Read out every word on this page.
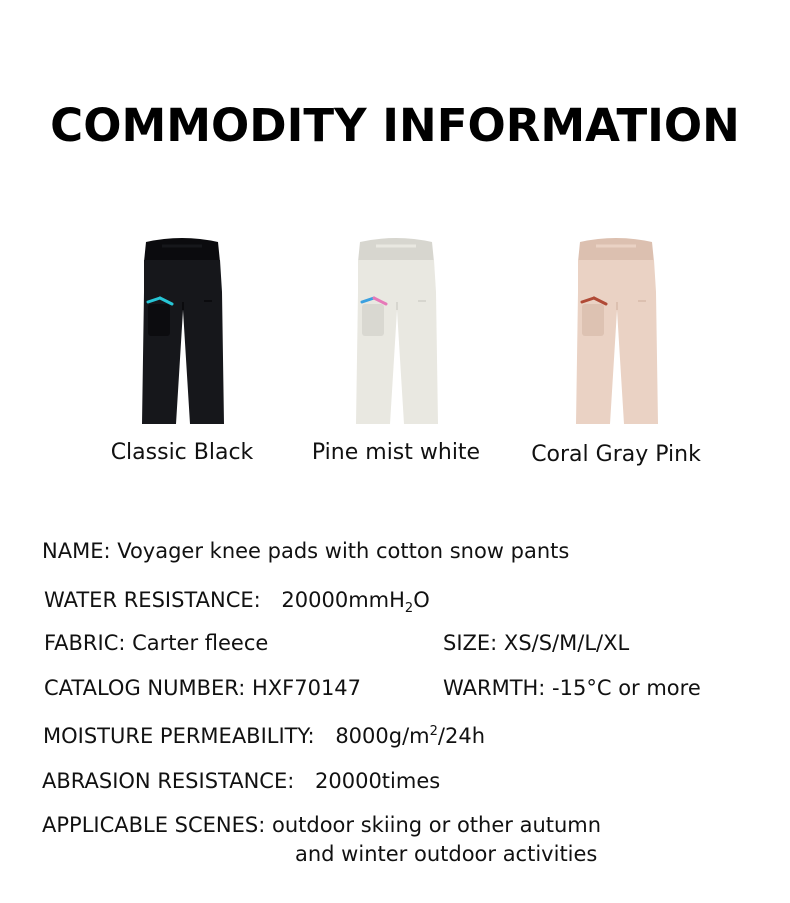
COMMODITY INFORMATION
Classic Black	Pine mist white	Coral Gray Pink
NAME: Voyager knee pads with cotton snow pants
WATER RESISTANCE: 20000mmH$_2$O
FABRIC: Carter fleece	SIZE: XS/S/M/L/XL
CATALOG NUMBER: HXF70147	WARMTH: -15°C or more
MOISTURE PERMEABILITY: $8000g/m^2/24h$
ABRASION RESISTANCE: 20000times
APPLICABLE SCENES: outdoor skiing or other autumn
and winter outdoor activities
